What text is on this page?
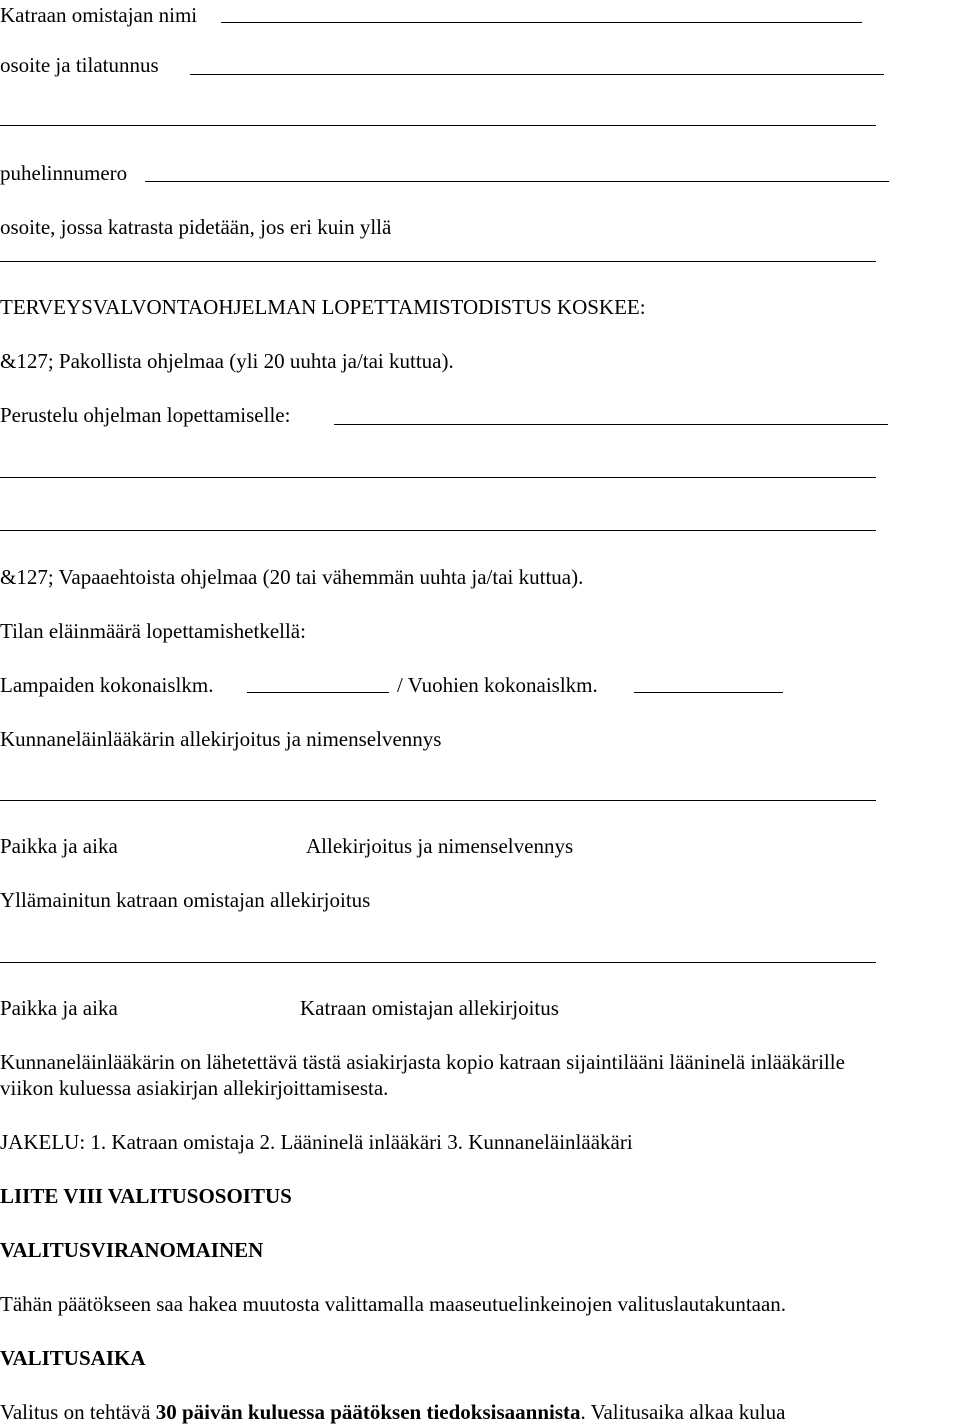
Katraan omistajan nimi
osoite ja tilatunnus
puhelinnumero
osoite, jossa katrasta pidetään, jos eri kuin yllä
TERVEYSVALVONTAOHJELMAN LOPETTAMISTODISTUS KOSKEE:
&127; Pakollista ohjelmaa (yli 20 uuhta ja/tai kuttua).
Perustelu ohjelman lopettamiselle:
&127; Vapaaehtoista ohjelmaa (20 tai vähemmän uuhta ja/tai kuttua).
Tilan eläinmäärä lopettamishetkellä:
Lampaiden kokonaislkm.	/ Vuohien kokonaislkm.
Kunnaneläinlääkärin allekirjoitus ja nimenselvennys
Paikka ja aika	Allekirjoitus ja nimenselvennys
Yllämainitun katraan omistajan allekirjoitus
Paikka ja aika	Katraan omistajan allekirjoitus
Kunnaneläinlääkärin on lähetettävä tästä asiakirjasta kopio katraan sijaintilääni lääninelä inlääkärille
viikon kuluessa asiakirjan allekirjoittamisesta.
JAKELU: 1. Katraan omistaja 2. Lääninelä inlääkäri 3. Kunnaneläinlääkäri
LIITE VIII VALITUSOSOITUS
VALITUSVIRANOMAINEN
Tähän päätökseen saa hakea muutosta valittamalla maaseutuelinkeinojen valituslautakuntaan.
VALITUSAIKA
Valitus on tehtävä 30 päivän kuluessa päätöksen tiedoksisaannista. Valitusaika alkaa kulua
